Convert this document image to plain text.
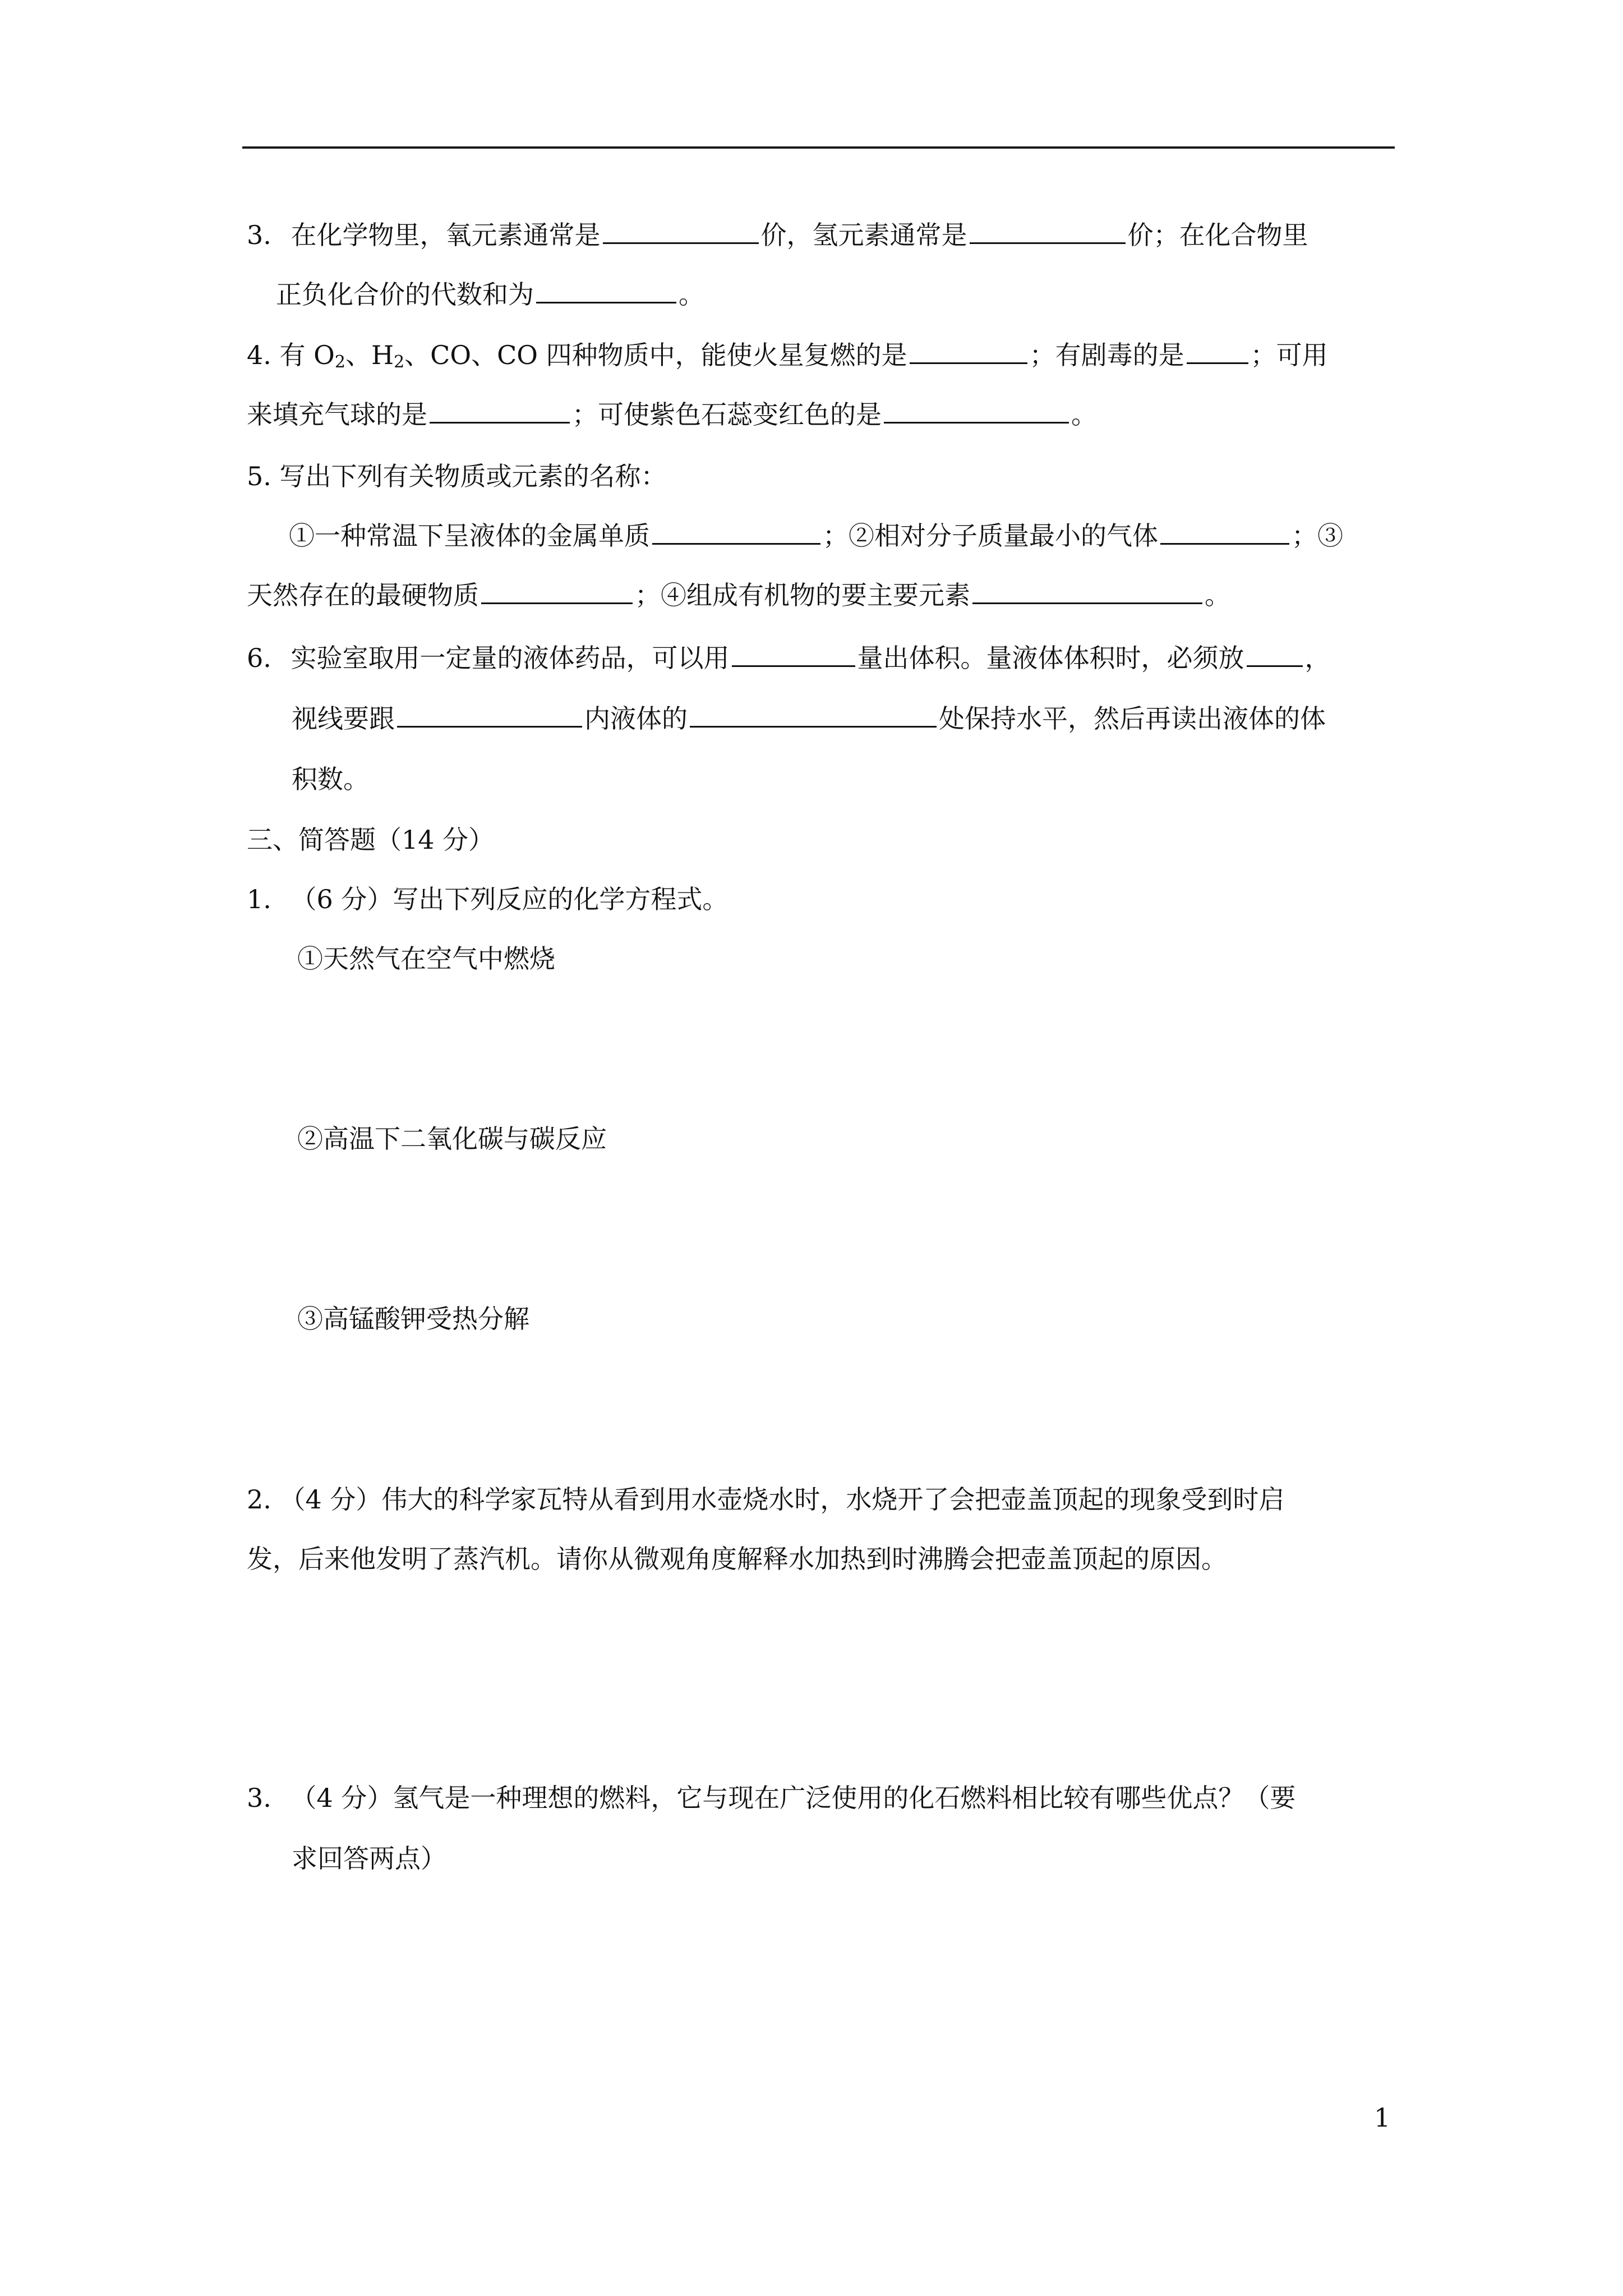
3. 在化学物里，氧元素通常是	价，氢元素通常是	价；在化合物里
正负化合价的代数和为	。
4. 有 $O_2$、$H_2$、CO、CO 四种物质中，能使火星复燃的是	；有剧毒的是	；可用
来填充气球的是	；可使紫色石蕊变红色的是	。
5. 写出下列有关物质或元素的名称：
①一种常温下呈液体的金属单质	；②相对分子质量最小的气体	；③
天然存在的最硬物质	；④组成有机物的要主要元素	。
6. 实验室取用一定量的液体药品，可以用	量出体积。量液体体积时，必须放 ，
视线要跟	内液体的	处保持水平，然后再读出液体的体
积数。
三、简答题（14 分）
1. （6 分）写出下列反应的化学方程式。
①天然气在空气中燃烧
②高温下二氧化碳与碳反应
③高锰酸钾受热分解
2. （4 分）伟大的科学家瓦特从看到用水壶烧水时，水烧开了会把壶盖顶起的现象受到时启
发，后来他发明了蒸汽机。请你从微观角度解释水加热到时沸腾会把壶盖顶起的原因。
3. （4 分）氢气是一种理想的燃料，它与现在广泛使用的化石燃料相比较有哪些优点？（要
求回答两点）
1
